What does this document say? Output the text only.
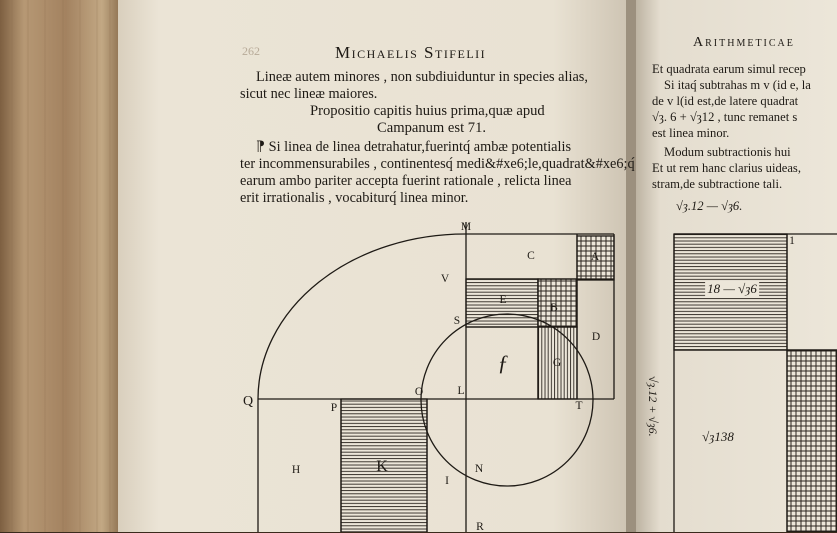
262	Michaelis Stifelii
Lineæ autem minores , non subdiuiduntur in species alias,
sicut nec lineæ maiores.
Propositio capitis huius prima,quæ apud
Campanum est 71.
⁋ Si linea de linea detrahatur,fuerintq́ ambæ potentialis
ter incommensurabiles , continentesq́ medi&#xe6;le,quadrat&#xe6;q́
earum ambo pariter accepta fuerint rationale , relicta linea
erit irrationalis , vocabiturq́ linea minor.
M
C	A
V
E
B
S
D
ƒ	G
Q
O	L
T
P
H	K	N
I
R
Arithmeticae
Et quadrata earum simul recep
Si itaq́ subtrahas m v (id e, la
de v l(id est,de latere quadrat
√ȝ. 6 + √ȝ12 , tunc remanet s
est linea minor.
Modum subtractionis hui
Et ut rem hanc clarius uideas,
stram,de subtractione tali.
√ȝ.12 — √ȝ6.
1
18 — √ȝ6
√ȝ138
√ȝ.12 + √ȝ6.
